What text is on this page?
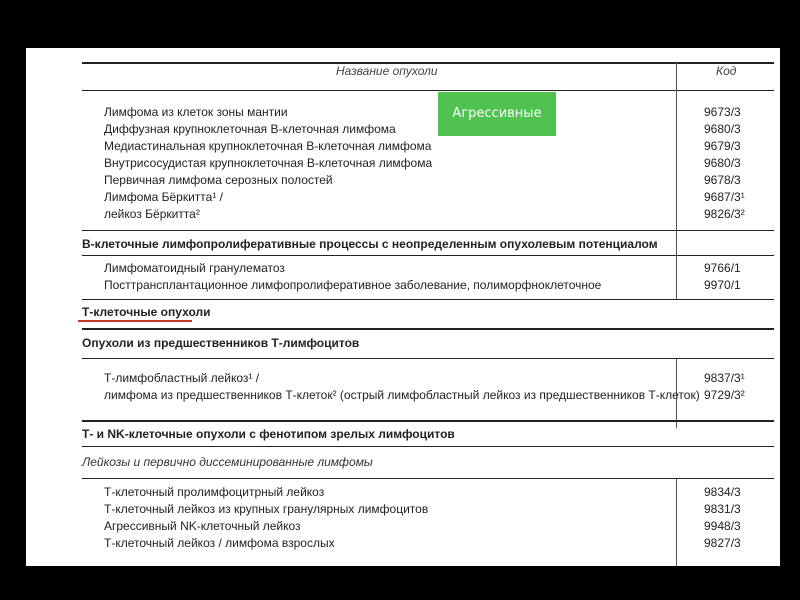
Название опухоли	Код
Лимфома из клеток зоны мантии	9673/3
Диффузная крупноклеточная В-клеточная лимфома	9680/3
Медиастинальная крупноклеточная В-клеточная лимфома	9679/3
Внутрисосудистая крупноклеточная В-клеточная лимфома	9680/3
Первичная лимфома серозных полостей	9678/3
Лимфома Бёркитта¹ /	9687/3¹
лейкоз Бёркитта²	9826/3²
В-клеточные лимфопролиферативные процессы с неопределенным опухолевым потенциалом
Лимфоматоидный гранулематоз	9766/1
Посттрансплантационное лимфопролиферативное заболевание, полиморфноклеточное	9970/1
Т-клеточные опухоли
Опухоли из предшественников Т-лимфоцитов
Т-лимфобластный лейкоз¹ /	9837/3¹
лимфома из предшественников Т-клеток² (острый лимфобластный лейкоз из предшественников Т-клеток) 9729/3²
Т- и NK-клеточные опухоли с фенотипом зрелых лимфоцитов
Лейкозы и первично диссеминированные лимфомы
Т-клеточный пролимфоцитрный лейкоз	9834/3
Т-клеточный лейкоз из крупных гранулярных лимфоцитов	9831/3
Агрессивный NK-клеточный лейкоз	9948/3
Т-клеточный лейкоз / лимфома взрослых	9827/3
Агрессивные
